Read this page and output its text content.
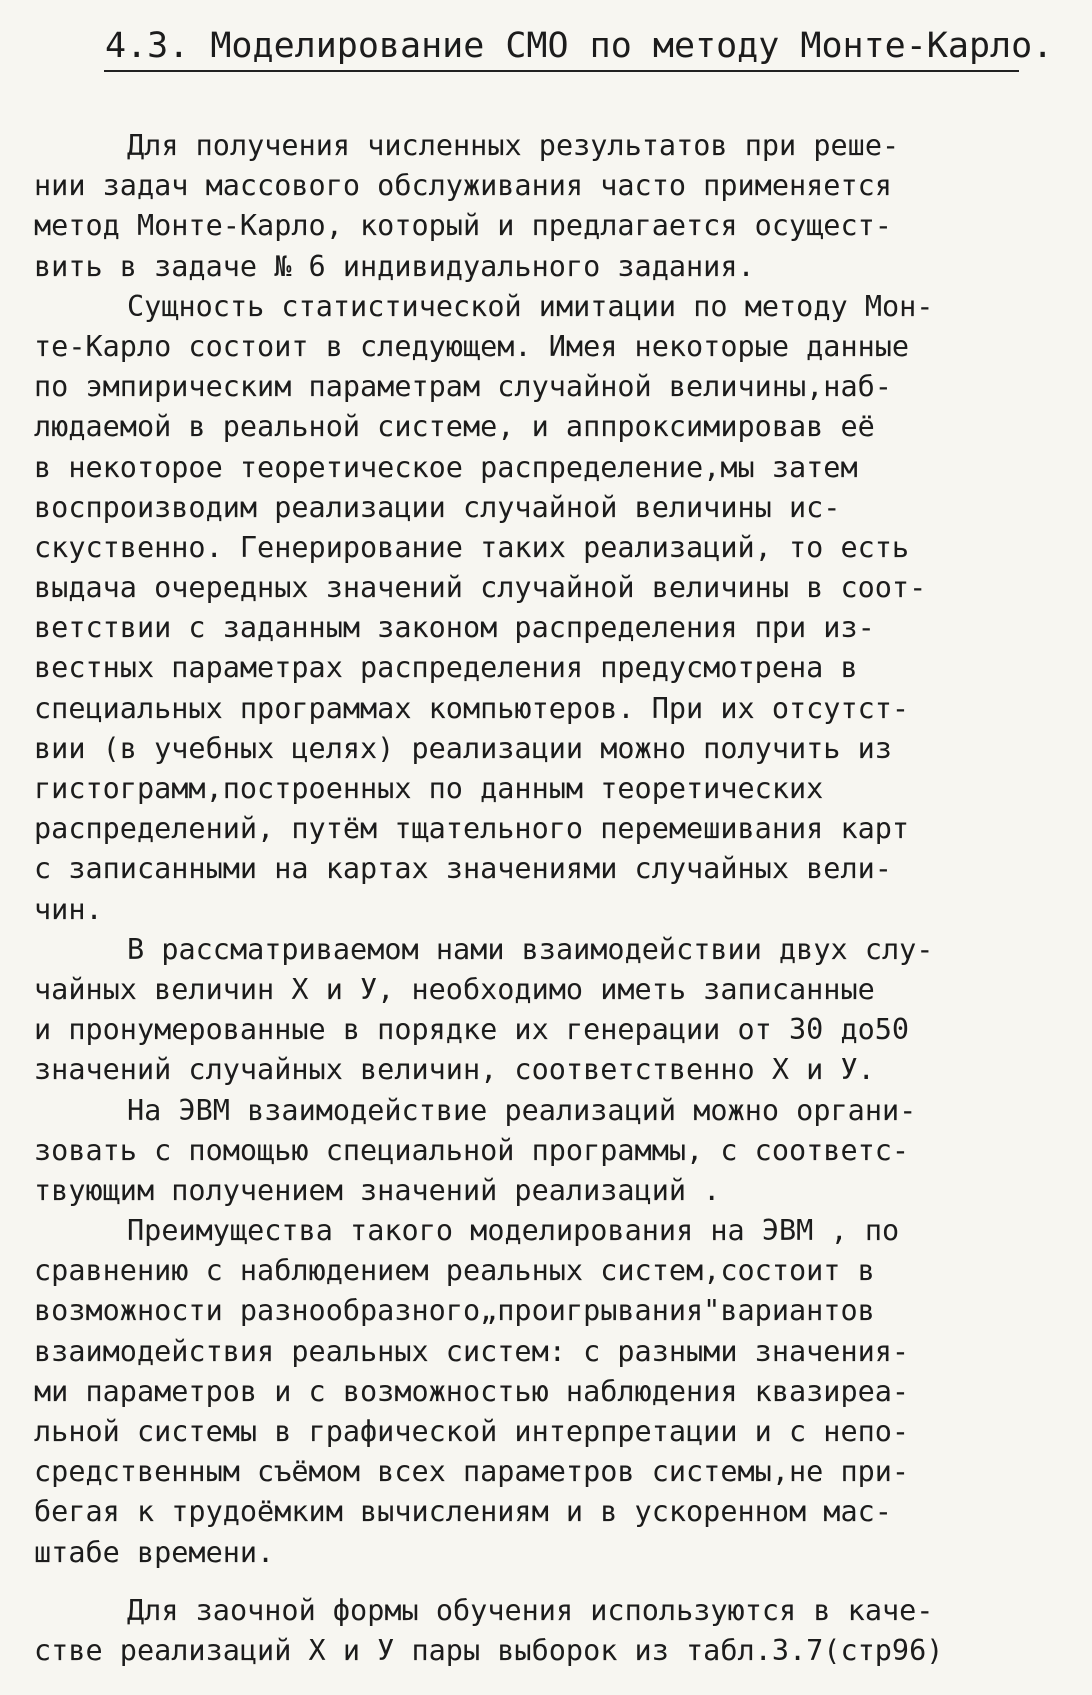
4.3. Моделирование СМО по методу Монте-Карло.
Для получения численных результатов при реше-
нии задач массового обслуживания часто применяется
метод Монте-Карло, который и предлагается осущест-
вить в задаче № 6 индивидуального задания.
Сущность статистической имитации по методу Мон-
те-Карло состоит в следующем. Имея некоторые данные
по эмпирическим параметрам случайной величины,наб-
людаемой в реальной системе, и аппроксимировав её
в некоторое теоретическое распределение,мы затем
воспроизводим реализации случайной величины ис-
скуственно. Генерирование таких реализаций, то есть
выдача очередных значений случайной величины в соот-
ветствии с заданным законом распределения при из-
вестных параметрах распределения предусмотрена в
специальных программах компьютеров. При их отсутст-
вии (в учебных целях) реализации можно получить из
гистограмм,построенных по данным теоретических
распределений, путём тщательного перемешивания карт
с записанными на картах значениями случайных вели-
чин.
В рассматриваемом нами взаимодействии двух слу-
чайных величин X и У, необходимо иметь записанные
и пронумерованные в порядке их генерации от 30 до50
значений случайных величин, соответственно X и У.
На ЭВМ взаимодействие реализаций можно органи-
зовать с помощью специальной программы, с соответс-
твующим получением значений реализаций .
Преимущества такого моделирования на ЭВМ , по
сравнению с наблюдением реальных систем,состоит в
возможности разнообразного„проигрывания"вариантов
взаимодействия реальных систем: с разными значения-
ми параметров и с возможностью наблюдения квазиреа-
льной системы в графической интерпретации и с непо-
средственным съёмом всех параметров системы,не при-
бегая к трудоёмким вычислениям и в ускоренном мас-
штабе времени.
Для заочной формы обучения используются в каче-
стве реализаций X и У пары выборок из табл.3.7(стр96)
